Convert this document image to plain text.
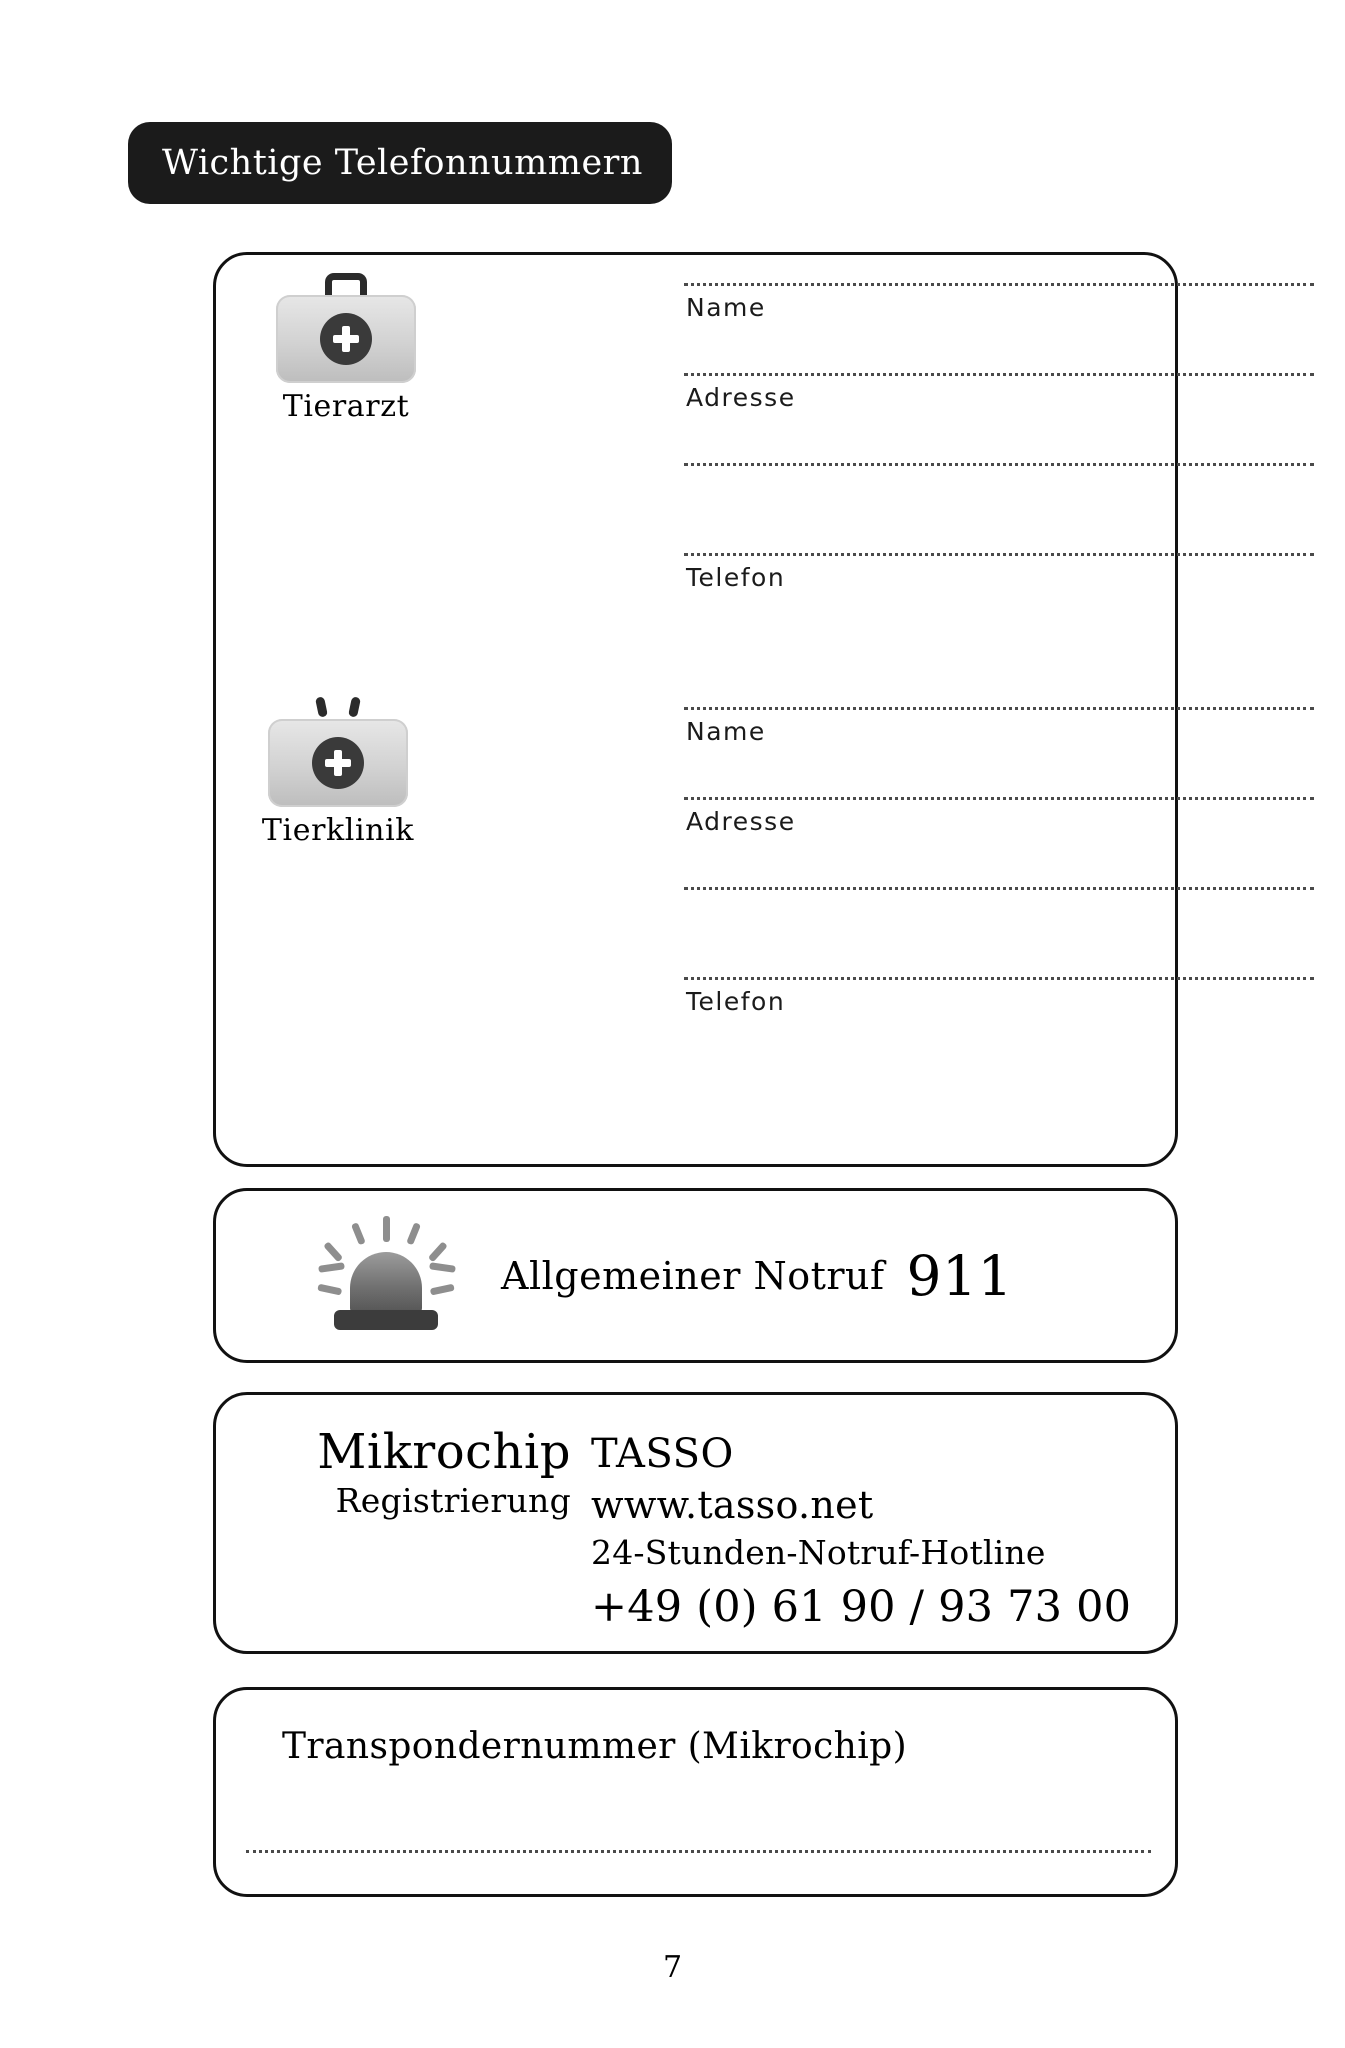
Wichtige Telefonnummern
Tierarzt
Name
Adresse
Telefon
Tierklinik
Name
Adresse
Telefon
Allgemeiner Notruf 911
Mikrochip
Registrierung
TASSO
www.tasso.net
24-Stunden-Notruf-Hotline
+49 (0) 61 90 / 93 73 00
Transpondernummer (Mikrochip)
7
